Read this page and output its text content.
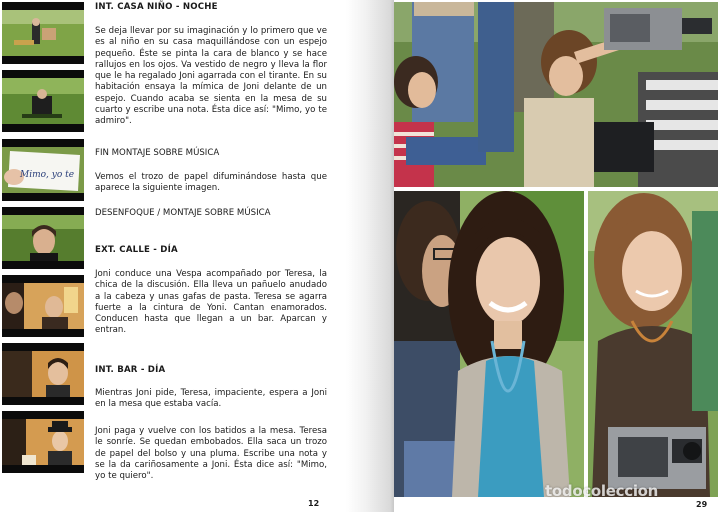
Mimo, yo te
INT. CASA NIÑO - NOCHE
Se deja llevar por su imaginación y lo primero que ve es al niño en su casa maquillándose con un espejo pequeño. Éste se pinta la cara de blanco y se hace rallujos en los ojos. Va vestido de negro y lleva la flor que le ha regalado Joni agarrada con el tirante. En su habitación ensaya la mímica de Joni delante de un espejo. Cuando acaba se sienta en la mesa de su cuarto y escribe una nota. Ésta dice así: "Mimo, yo te admiro".
FIN MONTAJE SOBRE MÚSICA
Vemos el trozo de papel difuminándose hasta que aparece la siguiente imagen.
DESENFOQUE / MONTAJE SOBRE MÚSICA
EXT. CALLE - DÍA
Joni conduce una Vespa acompañado por Teresa, la chica de la discusión. Ella lleva un pañuelo anudado a la cabeza y unas gafas de pasta. Teresa se agarra fuerte a la cintura de Yoni. Cantan enamorados. Conducen hasta que llegan a un bar. Aparcan y entran.
INT. BAR - DÍA
Mientras Joni pide, Teresa, impaciente, espera a Joni en la mesa que estaba vacía.
Joni paga y vuelve con los batidos a la mesa. Teresa le sonríe. Se quedan embobados. Ella saca un trozo de papel del bolso y una pluma. Escribe una nota y se la da cariñosamente a Joni. Ésta dice así: "Mimo, yo te quiero".
12
todocoleccion
29
